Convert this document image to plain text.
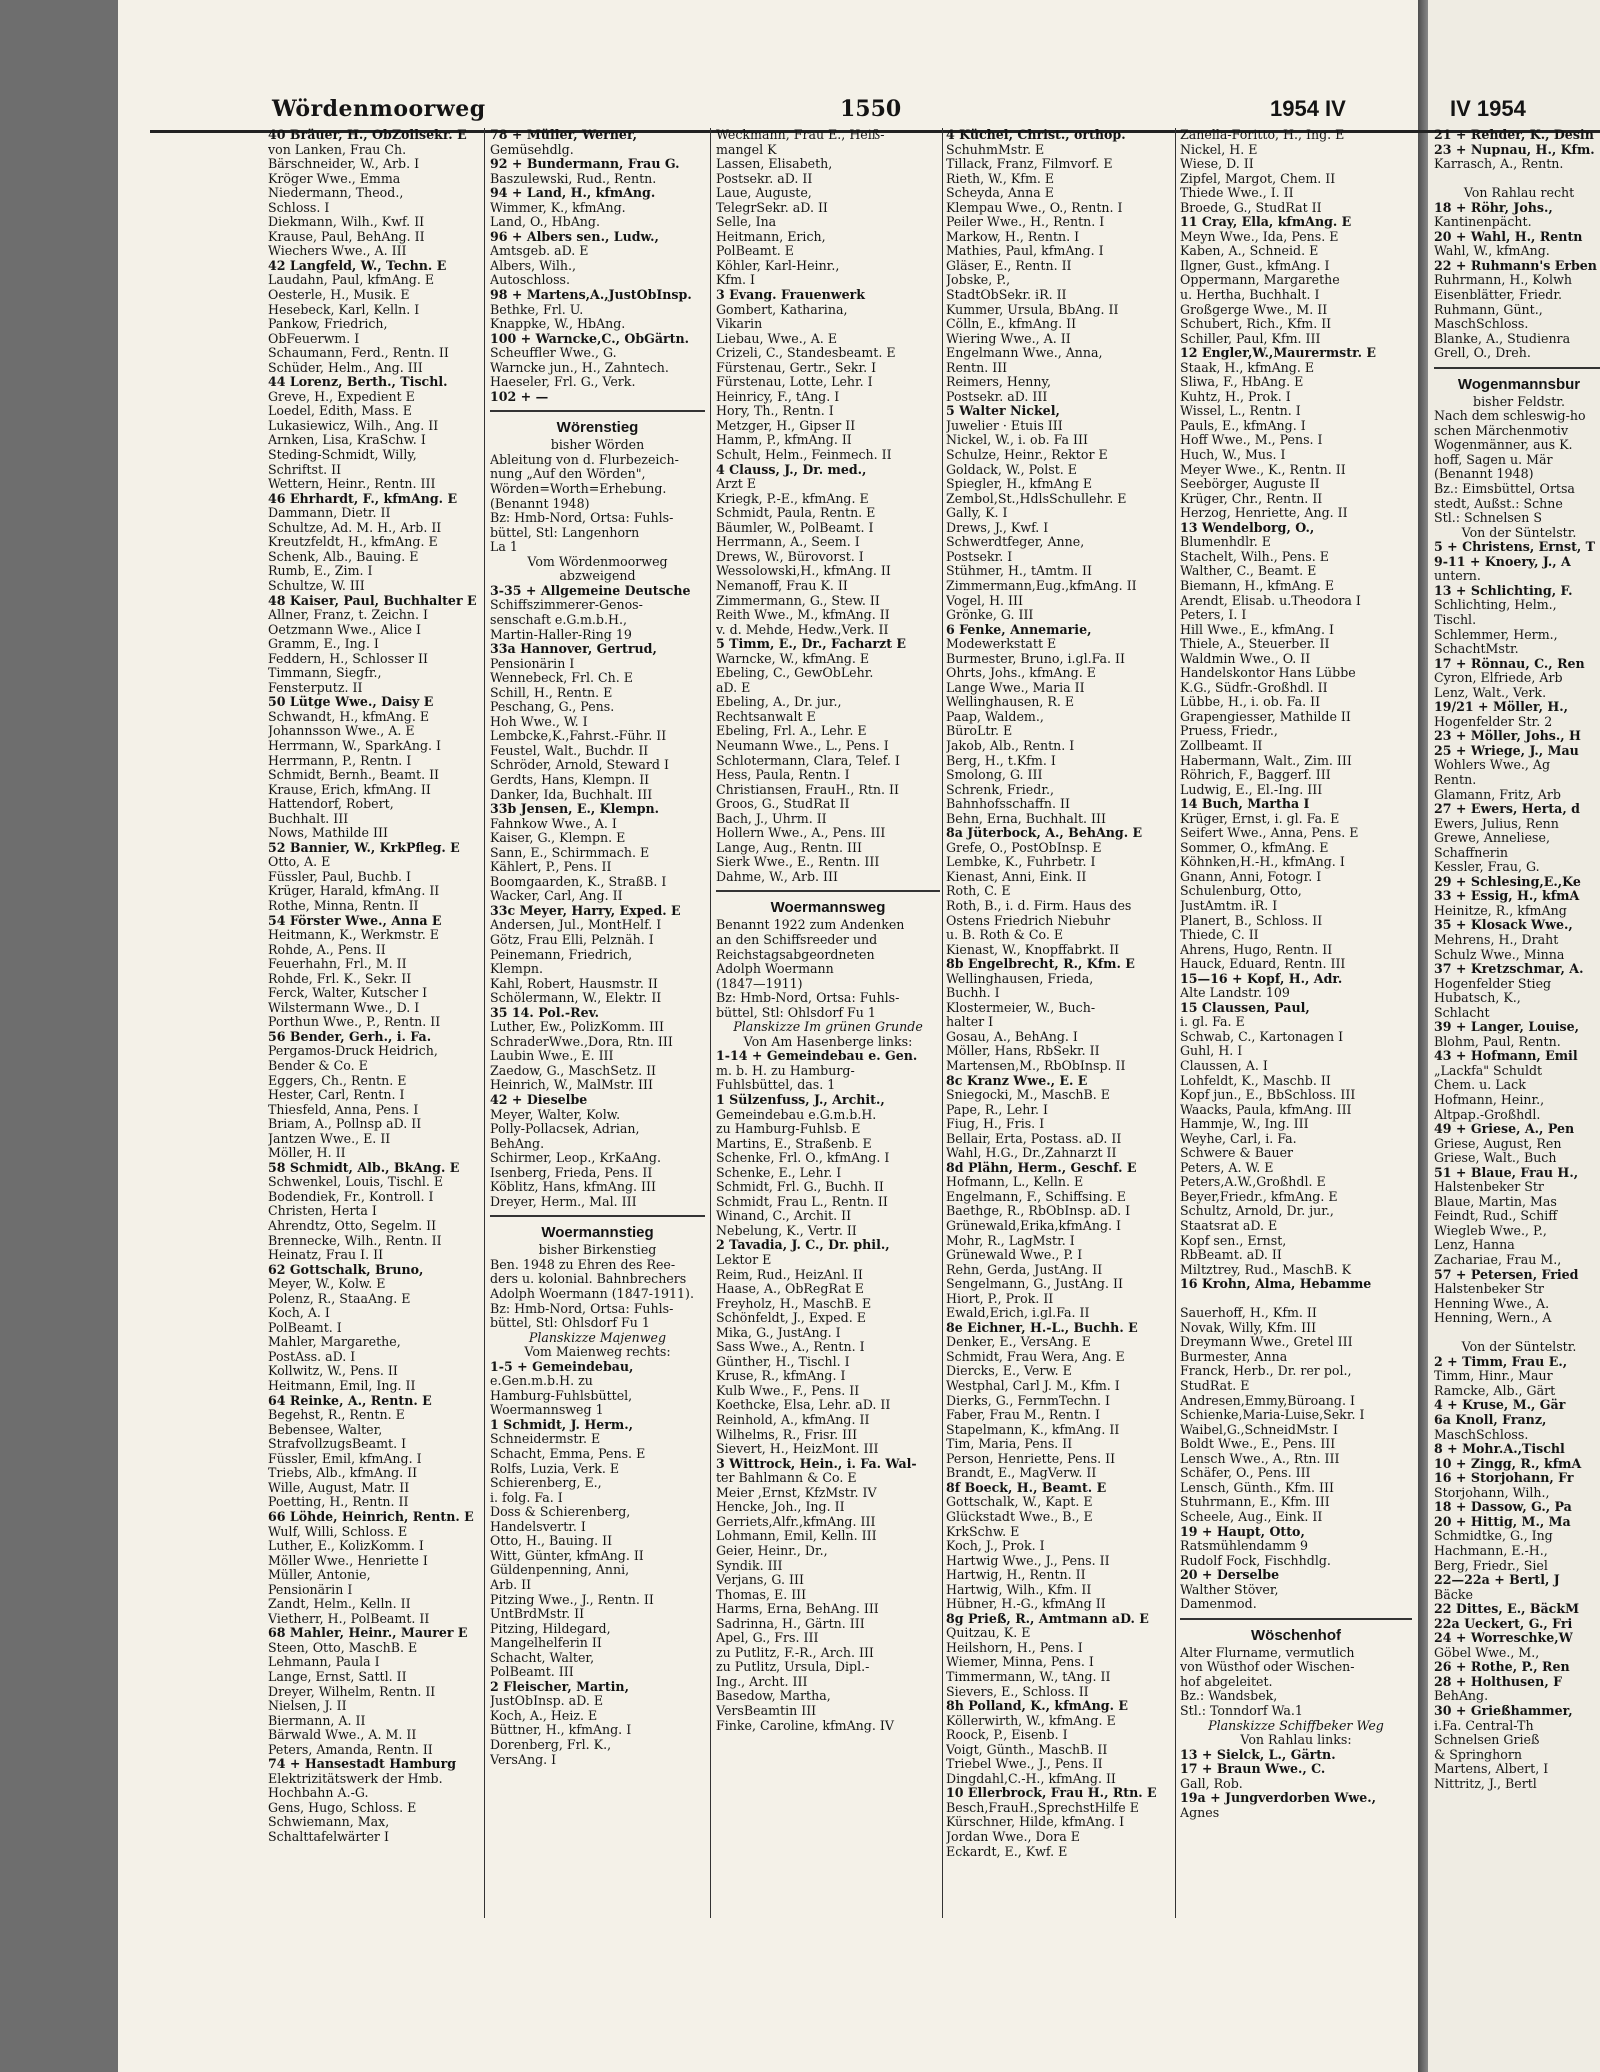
Wördenmoorweg	1550	1954 IV	IV 1954
40 Bräuer, H., ObZollsekr. E
von Lanken, Frau Ch.
Bärschneider, W., Arb. I
Kröger Wwe., Emma
Niedermann, Theod.,
Schloss. I
Diekmann, Wilh., Kwf. II
Krause, Paul, BehAng. II
Wiechers Wwe., A. III
42 Langfeld, W., Techn. E
Laudahn, Paul, kfmAng. E
Oesterle, H., Musik. E
Hesebeck, Karl, Kelln. I
Pankow, Friedrich,
ObFeuerwm. I
Schaumann, Ferd., Rentn. II
Schüder, Helm., Ang. III
44 Lorenz, Berth., Tischl.
Greve, H., Expedient E
Loedel, Edith, Mass. E
Lukasiewicz, Wilh., Ang. II
Arnken, Lisa, KraSchw. I
Steding-Schmidt, Willy,
Schriftst. II
Wettern, Heinr., Rentn. III
46 Ehrhardt, F., kfmAng. E
Dammann, Dietr. II
Schultze, Ad. M. H., Arb. II
Kreutzfeldt, H., kfmAng. E
Schenk, Alb., Bauing. E
Rumb, E., Zim. I
Schultze, W. III
48 Kaiser, Paul, Buchhalter E
Allner, Franz, t. Zeichn. I
Oetzmann Wwe., Alice I
Gramm, E., Ing. I
Feddern, H., Schlosser II
Timmann, Siegfr.,
Fensterputz. II
50 Lütge Wwe., Daisy E
Schwandt, H., kfmAng. E
Johannsson Wwe., A. E
Herrmann, W., SparkAng. I
Herrmann, P., Rentn. I
Schmidt, Bernh., Beamt. II
Krause, Erich, kfmAng. II
Hattendorf, Robert,
Buchhalt. III
Nows, Mathilde III
52 Bannier, W., KrkPfleg. E
Otto, A. E
Füssler, Paul, Buchb. I
Krüger, Harald, kfmAng. II
Rothe, Minna, Rentn. II
54 Förster Wwe., Anna E
Heitmann, K., Werkmstr. E
Rohde, A., Pens. II
Feuerhahn, Frl., M. II
Rohde, Frl. K., Sekr. II
Ferck, Walter, Kutscher I
Wilstermann Wwe., D. I
Porthun Wwe., P., Rentn. II
56 Bender, Gerh., i. Fa.
Pergamos-Druck Heidrich,
Bender & Co. E
Eggers, Ch., Rentn. E
Hester, Carl, Rentn. I
Thiesfeld, Anna, Pens. I
Briam, A., Pollnsp aD. II
Jantzen Wwe., E. II
Möller, H. II
58 Schmidt, Alb., BkAng. E
Schwenkel, Louis, Tischl. E
Bodendiek, Fr., Kontroll. I
Christen, Herta I
Ahrendtz, Otto, Segelm. II
Brennecke, Wilh., Rentn. II
Heinatz, Frau I. II
62 Gottschalk, Bruno,
Meyer, W., Kolw. E
Polenz, R., StaaAng. E
Koch, A. I
PolBeamt. I
Mahler, Margarethe,
PostAss. aD. I
Kollwitz, W., Pens. II
Heitmann, Emil, Ing. II
64 Reinke, A., Rentn. E
Begehst, R., Rentn. E
Bebensee, Walter,
StrafvollzugsBeamt. I
Füssler, Emil, kfmAng. I
Triebs, Alb., kfmAng. II
Wille, August, Matr. II
Poetting, H., Rentn. II
66 Löhde, Heinrich, Rentn. E
Wulf, Willi, Schloss. E
Luther, E., KolizKomm. I
Möller Wwe., Henriette I
Müller, Antonie,
Pensionärin I
Zandt, Helm., Kelln. II
Vietherr, H., PolBeamt. II
68 Mahler, Heinr., Maurer E
Steen, Otto, MaschB. E
Lehmann, Paula I
Lange, Ernst, Sattl. II
Dreyer, Wilhelm, Rentn. II
Nielsen, J. II
Biermann, A. II
Bärwald Wwe., A. M. II
Peters, Amanda, Rentn. II
74 + Hansestadt Hamburg
Elektrizitätswerk der Hmb.
Hochbahn A.-G.
Gens, Hugo, Schloss. E
Schwiemann, Max,
Schalttafelwärter I
78 + Müller, Werner,
Gemüsehdlg.
92 + Bundermann, Frau G.
Baszulewski, Rud., Rentn.
94 + Land, H., kfmAng.
Wimmer, K., kfmAng.
Land, O., HbAng.
96 + Albers sen., Ludw.,
Amtsgeb. aD. E
Albers, Wilh.,
Autoschloss.
98 + Martens,A.,JustObInsp.
Bethke, Frl. U.
Knappke, W., HbAng.
100 + Warncke,C., ObGärtn.
Scheuffler Wwe., G.
Warncke jun., H., Zahntech.
Haeseler, Frl. G., Verk.
102 + —
Wörenstieg
bisher Wörden
Ableitung von d. Flurbezeich-
nung „Auf den Wörden",
Wörden=Worth=Erhebung.
(Benannt 1948)
Bz: Hmb-Nord, Ortsa: Fuhls-
büttel, Stl: Langenhorn
La 1
Vom Wördenmoorweg
abzweigend
3-35 + Allgemeine Deutsche
Schiffszimmerer-Genos-
senschaft e.G.m.b.H.,
Martin-Haller-Ring 19
33a Hannover, Gertrud,
Pensionärin I
Wennebeck, Frl. Ch. E
Schill, H., Rentn. E
Peschang, G., Pens.
Hoh Wwe., W. I
Lembcke,K.,Fahrst.-Führ. II
Feustel, Walt., Buchdr. II
Schröder, Arnold, Steward I
Gerdts, Hans, Klempn. II
Danker, Ida, Buchhalt. III
33b Jensen, E., Klempn.
Fahnkow Wwe., A. I
Kaiser, G., Klempn. E
Sann, E., Schirmmach. E
Kählert, P., Pens. II
Boomgaarden, K., StraßB. I
Wacker, Carl, Ang. II
33c Meyer, Harry, Exped. E
Andersen, Jul., MontHelf. I
Götz, Frau Elli, Pelznäh. I
Peinemann, Friedrich,
Klempn.
Kahl, Robert, Hausmstr. II
Schölermann, W., Elektr. II
35 14. Pol.-Rev.
Luther, Ew., PolizKomm. III
SchraderWwe.,Dora, Rtn. III
Laubin Wwe., E. III
Zaedow, G., MaschSetz. II
Heinrich, W., MalMstr. III
42 + Dieselbe
Meyer, Walter, Kolw.
Polly-Pollacsek, Adrian,
BehAng.
Schirmer, Leop., KrKaAng.
Isenberg, Frieda, Pens. II
Köblitz, Hans, kfmAng. III
Dreyer, Herm., Mal. III
Woermannstieg
bisher Birkenstieg
Ben. 1948 zu Ehren des Ree-
ders u. kolonial. Bahnbrechers
Adolph Woermann (1847-1911).
Bz: Hmb-Nord, Ortsa: Fuhls-
büttel, Stl: Ohlsdorf Fu 1
Planskizze Majenweg
Vom Maienweg rechts:
1-5 + Gemeindebau,
e.Gen.m.b.H. zu
Hamburg-Fuhlsbüttel,
Woermannsweg 1
1 Schmidt, J. Herm.,
Schneidermstr. E
Schacht, Emma, Pens. E
Rolfs, Luzia, Verk. E
Schierenberg, E.,
i. folg. Fa. I
Doss & Schierenberg,
Handelsvertr. I
Otto, H., Bauing. II
Witt, Günter, kfmAng. II
Güldenpenning, Anni,
Arb. II
Pitzing Wwe., J., Rentn. II
UntBrdMstr. II
Pitzing, Hildegard,
Mangelhelferin II
Schacht, Walter,
PolBeamt. III
2 Fleischer, Martin,
JustObInsp. aD. E
Koch, A., Heiz. E
Büttner, H., kfmAng. I
Dorenberg, Frl. K.,
VersAng. I
Weckmann, Frau E., Heiß-
mangel K
Lassen, Elisabeth,
Postsekr. aD. II
Laue, Auguste,
TelegrSekr. aD. II
Selle, Ina
Heitmann, Erich,
PolBeamt. E
Köhler, Karl-Heinr.,
Kfm. I
3 Evang. Frauenwerk
Gombert, Katharina,
Vikarin
Liebau, Wwe., A. E
Crizeli, C., Standesbeamt. E
Fürstenau, Gertr., Sekr. I
Fürstenau, Lotte, Lehr. I
Heinricy, F., tAng. I
Hory, Th., Rentn. I
Metzger, H., Gipser II
Hamm, P., kfmAng. II
Schult, Helm., Feinmech. II
4 Clauss, J., Dr. med.,
Arzt E
Kriegk, P.-E., kfmAng. E
Schmidt, Paula, Rentn. E
Bäumler, W., PolBeamt. I
Herrmann, A., Seem. I
Drews, W., Bürovorst. I
Wessolowski,H., kfmAng. II
Nemanoff, Frau K. II
Zimmermann, G., Stew. II
Reith Wwe., M., kfmAng. II
v. d. Mehde, Hedw.,Verk. II
5 Timm, E., Dr., Facharzt E
Warncke, W., kfmAng. E
Ebeling, C., GewObLehr.
aD. E
Ebeling, A., Dr. jur.,
Rechtsanwalt E
Ebeling, Frl. A., Lehr. E
Neumann Wwe., L., Pens. I
Schlotermann, Clara, Telef. I
Hess, Paula, Rentn. I
Christiansen, FrauH., Rtn. II
Groos, G., StudRat II
Bach, J., Uhrm. II
Hollern Wwe., A., Pens. III
Lange, Aug., Rentn. III
Sierk Wwe., E., Rentn. III
Dahme, W., Arb. III
Woermannsweg
Benannt 1922 zum Andenken
an den Schiffsreeder und
Reichstagsabgeordneten
Adolph Woermann
(1847—1911)
Bz: Hmb-Nord, Ortsa: Fuhls-
büttel, Stl: Ohlsdorf Fu 1
Planskizze Im grünen Grunde
Von Am Hasenberge links:
1-14 + Gemeindebau e. Gen.
m. b. H. zu Hamburg-
Fuhlsbüttel, das. 1
1 Sülzenfuss, J., Archit.,
Gemeindebau e.G.m.b.H.
zu Hamburg-Fuhlsb. E
Martins, E., Straßenb. E
Schenke, Frl. O., kfmAng. I
Schenke, E., Lehr. I
Schmidt, Frl. G., Buchh. II
Schmidt, Frau L., Rentn. II
Winand, C., Archit. II
Nebelung, K., Vertr. II
2 Tavadia, J. C., Dr. phil.,
Lektor E
Reim, Rud., HeizAnl. II
Haase, A., ObRegRat E
Freyholz, H., MaschB. E
Schönfeldt, J., Exped. E
Mika, G., JustAng. I
Sass Wwe., A., Rentn. I
Günther, H., Tischl. I
Kruse, R., kfmAng. I
Kulb Wwe., F., Pens. II
Koethcke, Elsa, Lehr. aD. II
Reinhold, A., kfmAng. II
Wilhelms, R., Frisr. III
Sievert, H., HeizMont. III
3 Wittrock, Hein., i. Fa. Wal-
ter Bahlmann & Co. E
Meier ,Ernst, KfzMstr. IV
Hencke, Joh., Ing. II
Gerriets,Alfr.,kfmAng. III
Lohmann, Emil, Kelln. III
Geier, Heinr., Dr.,
Syndik. III
Verjans, G. III
Thomas, E. III
Harms, Erna, BehAng. III
Sadrinna, H., Gärtn. III
Apel, G., Frs. III
zu Putlitz, F.-R., Arch. III
zu Putlitz, Ursula, Dipl.-
Ing., Archt. III
Basedow, Martha,
VersBeamtin III
Finke, Caroline, kfmAng. IV
4 Küchel, Christ., orthop.
SchuhmMstr. E
Tillack, Franz, Filmvorf. E
Rieth, W., Kfm. E
Scheyda, Anna E
Klempau Wwe., O., Rentn. I
Peiler Wwe., H., Rentn. I
Markow, H., Rentn. I
Mathies, Paul, kfmAng. I
Gläser, E., Rentn. II
Jobske, P.,
StadtObSekr. iR. II
Kummer, Ursula, BbAng. II
Cölln, E., kfmAng. II
Wiering Wwe., A. II
Engelmann Wwe., Anna,
Rentn. III
Reimers, Henny,
Postsekr. aD. III
5 Walter Nickel,
Juwelier · Etuis III
Nickel, W., i. ob. Fa III
Schulze, Heinr., Rektor E
Goldack, W., Polst. E
Spiegler, H., kfmAng E
Zembol,St.,HdlsSchullehr. E
Gally, K. I
Drews, J., Kwf. I
Schwerdtfeger, Anne,
Postsekr. I
Stühmer, H., tAmtm. II
Zimmermann,Eug.,kfmAng. II
Vogel, H. III
Grönke, G. III
6 Fenke, Annemarie,
Modewerkstatt E
Burmester, Bruno, i.gl.Fa. II
Ohrts, Johs., kfmAng. E
Lange Wwe., Maria II
Wellinghausen, R. E
Paap, Waldem.,
BüroLtr. E
Jakob, Alb., Rentn. I
Berg, H., t.Kfm. I
Smolong, G. III
Schrenk, Friedr.,
Bahnhofsschaffn. II
Behn, Erna, Buchhalt. III
8a Jüterbock, A., BehAng. E
Grefe, O., PostObInsp. E
Lembke, K., Fuhrbetr. I
Kienast, Anni, Eink. II
Roth, C. E
Roth, B., i. d. Firm. Haus des
Ostens Friedrich Niebuhr
u. B. Roth & Co. E
Kienast, W., Knopffabrkt. II
8b Engelbrecht, R., Kfm. E
Wellinghausen, Frieda,
Buchh. I
Klostermeier, W., Buch-
halter I
Gosau, A., BehAng. I
Möller, Hans, RbSekr. II
Martensen,M., RbObInsp. II
8c Kranz Wwe., E. E
Sniegocki, M., MaschB. E
Pape, R., Lehr. I
Fiug, H., Fris. I
Bellair, Erta, Postass. aD. II
Wahl, H.G., Dr.,Zahnarzt II
8d Plähn, Herm., Geschf. E
Hofmann, L., Kelln. E
Engelmann, F., Schiffsing. E
Baethge, R., RbObInsp. aD. I
Grünewald,Erika,kfmAng. I
Mohr, R., LagMstr. I
Grünewald Wwe., P. I
Rehn, Gerda, JustAng. II
Sengelmann, G., JustAng. II
Hiort, P., Prok. II
Ewald,Erich, i.gl.Fa. II
8e Eichner, H.-L., Buchh. E
Denker, E., VersAng. E
Schmidt, Frau Wera, Ang. E
Diercks, E., Verw. E
Westphal, Carl J. M., Kfm. I
Dierks, G., FernmTechn. I
Faber, Frau M., Rentn. I
Stapelmann, K., kfmAng. II
Tim, Maria, Pens. II
Person, Henriette, Pens. II
Brandt, E., MagVerw. II
8f Boeck, H., Beamt. E
Gottschalk, W., Kapt. E
Glückstadt Wwe., B., E
KrkSchw. E
Koch, J., Prok. I
Hartwig Wwe., J., Pens. II
Hartwig, H., Rentn. II
Hartwig, Wilh., Kfm. II
Hübner, H.-G., kfmAng II
8g Prieß, R., Amtmann aD. E
Quitzau, K. E
Heilshorn, H., Pens. I
Wiemer, Minna, Pens. I
Timmermann, W., tAng. II
Sievers, E., Schloss. II
8h Polland, K., kfmAng. E
Köllerwirth, W., kfmAng. E
Roock, P., Eisenb. I
Voigt, Günth., MaschB. II
Triebel Wwe., J., Pens. II
Dingdahl,C.-H., kfmAng. II
10 Ellerbrock, Frau H., Rtn. E
Besch,FrauH.,SprechstHilfe E
Kürschner, Hilde, kfmAng. I
Jordan Wwe., Dora E
Eckardt, E., Kwf. E
Zanella-Foritto, H., Ing. E
Nickel, H. E
Wiese, D. II
Zipfel, Margot, Chem. II
Thiede Wwe., I. II
Broede, G., StudRat II
11 Cray, Ella, kfmAng. E
Meyn Wwe., Ida, Pens. E
Kaben, A., Schneid. E
Ilgner, Gust., kfmAng. I
Oppermann, Margarethe
u. Hertha, Buchhalt. I
Großgerge Wwe., M. II
Schubert, Rich., Kfm. II
Schiller, Paul, Kfm. III
12 Engler,W.,Maurermstr. E
Staak, H., kfmAng. E
Sliwa, F., HbAng. E
Kuhtz, H., Prok. I
Wissel, L., Rentn. I
Pauls, E., kfmAng. I
Hoff Wwe., M., Pens. I
Huch, W., Mus. I
Meyer Wwe., K., Rentn. II
Seebörger, Auguste II
Krüger, Chr., Rentn. II
Herzog, Henriette, Ang. II
13 Wendelborg, O.,
Blumenhdlr. E
Stachelt, Wilh., Pens. E
Walther, C., Beamt. E
Biemann, H., kfmAng. E
Arendt, Elisab. u.Theodora I
Peters, I. I
Hill Wwe., E., kfmAng. I
Thiele, A., Steuerber. II
Waldmin Wwe., O. II
Handelskontor Hans Lübbe
K.G., Südfr.-Großhdl. II
Lübbe, H., i. ob. Fa. II
Grapengiesser, Mathilde II
Pruess, Friedr.,
Zollbeamt. II
Habermann, Walt., Zim. III
Röhrich, F., Baggerf. III
Ludwig, E., El.-Ing. III
14 Buch, Martha I
Krüger, Ernst, i. gl. Fa. E
Seifert Wwe., Anna, Pens. E
Sommer, O., kfmAng. E
Köhnken,H.-H., kfmAng. I
Gnann, Anni, Fotogr. I
Schulenburg, Otto,
JustAmtm. iR. I
Planert, B., Schloss. II
Thiede, C. II
Ahrens, Hugo, Rentn. II
Hauck, Eduard, Rentn. III
15—16 + Kopf, H., Adr.
Alte Landstr. 109
15 Claussen, Paul,
i. gl. Fa. E
Schwab, C., Kartonagen I
Guhl, H. I
Claussen, A. I
Lohfeldt, K., Maschb. II
Kopf jun., E., BbSchloss. III
Waacks, Paula, kfmAng. III
Hammje, W., Ing. III
Weyhe, Carl, i. Fa.
Schwere & Bauer
Peters, A. W. E
Peters,A.W.,Großhdl. E
Beyer,Friedr., kfmAng. E
Schultz, Arnold, Dr. jur.,
Staatsrat aD. E
Kopf sen., Ernst,
RbBeamt. aD. II
Miltztrey, Rud., MaschB. K
16 Krohn, Alma, Hebamme
Sauerhoff, H., Kfm. II
Novak, Willy, Kfm. III
Dreymann Wwe., Gretel III
Burmester, Anna
Franck, Herb., Dr. rer pol.,
StudRat. E
Andresen,Emmy,Büroang. I
Schienke,Maria-Luise,Sekr. I
Waibel,G.,SchneidMstr. I
Boldt Wwe., E., Pens. III
Lensch Wwe., A., Rtn. III
Schäfer, O., Pens. III
Lensch, Günth., Kfm. III
Stuhrmann, E., Kfm. III
Scheele, Aug., Eink. II
19 + Haupt, Otto,
Ratsmühlendamm 9
Rudolf Fock, Fischhdlg.
20 + Derselbe
Walther Stöver,
Damenmod.
Wöschenhof
Alter Flurname, vermutlich
von Wüsthof oder Wischen-
hof abgeleitet.
Bz.: Wandsbek,
Stl.: Tonndorf Wa.1
Planskizze Schiffbeker Weg
Von Rahlau links:
13 + Sielck, L., Gärtn.
17 + Braun Wwe., C.
Gall, Rob.
19a + Jungverdorben Wwe.,
Agnes
21 + Rehder, K., Desin
23 + Nupnau, H., Kfm.
Karrasch, A., Rentn.
Von Rahlau recht
18 + Röhr, Johs.,
Kantinenpächt.
20 + Wahl, H., Rentn
Wahl, W., kfmAng.
22 + Ruhmann's Erben
Ruhrmann, H., Kolwh
Eisenblätter, Friedr.
Ruhmann, Günt.,
MaschSchloss.
Blanke, A., Studienra
Grell, O., Dreh.
Wogenmannsbur
bisher Feldstr.
Nach dem schleswig-ho
schen Märchenmotiv
Wogenmänner, aus K.
hoff, Sagen u. Mär
(Benannt 1948)
Bz.: Eimsbüttel, Ortsa
stedt, Außst.: Schne
Stl.: Schnelsen S
Von der Süntelstr.
5 + Christens, Ernst, T
9-11 + Knoery, J., A
untern.
13 + Schlichting, F.
Schlichting, Helm.,
Tischl.
Schlemmer, Herm.,
SchachtMstr.
17 + Rönnau, C., Ren
Cyron, Elfriede, Arb
Lenz, Walt., Verk.
19/21 + Möller, H.,
Hogenfelder Str. 2
23 + Möller, Johs., H
25 + Wriege, J., Mau
Wohlers Wwe., Ag
Rentn.
Glamann, Fritz, Arb
27 + Ewers, Herta, d
Ewers, Julius, Renn
Grewe, Anneliese,
Schaffnerin
Kessler, Frau, G.
29 + Schlesing,E.,Ke
33 + Essig, H., kfmA
Heinitze, R., kfmAng
35 + Klosack Wwe.,
Mehrens, H., Draht
Schulz Wwe., Minna
37 + Kretzschmar, A.
Hogenfelder Stieg
Hubatsch, K.,
Schlacht
39 + Langer, Louise,
Blohm, Paul, Rentn.
43 + Hofmann, Emil
„Lackfa" Schuldt
Chem. u. Lack
Hofmann, Heinr.,
Altpap.-Großhdl.
49 + Griese, A., Pen
Griese, August, Ren
Griese, Walt., Buch
51 + Blaue, Frau H.,
Halstenbeker Str
Blaue, Martin, Mas
Feindt, Rud., Schiff
Wiegleb Wwe., P.,
Lenz, Hanna
Zachariae, Frau M.,
57 + Petersen, Fried
Halstenbeker Str
Henning Wwe., A.
Henning, Wern., A
Von der Süntelstr.
2 + Timm, Frau E.,
Timm, Hinr., Maur
Ramcke, Alb., Gärt
4 + Kruse, M., Gär
6a Knoll, Franz,
MaschSchloss.
8 + Mohr.A.,Tischl
10 + Zingg, R., kfmA
16 + Storjohann, Fr
Storjohann, Wilh.,
18 + Dassow, G., Pa
20 + Hittig, M., Ma
Schmidtke, G., Ing
Hachmann, E.-H.,
Berg, Friedr., Siel
22—22a + Bertl, J
Bäcke
22 Dittes, E., BäckM
22a Ueckert, G., Fri
24 + Worreschke,W
Göbel Wwe., M.,
26 + Rothe, P., Ren
28 + Holthusen, F
BehAng.
30 + Grießhammer,
i.Fa. Central-Th
Schnelsen Grieß
& Springhorn
Martens, Albert, I
Nittritz, J., Bertl
